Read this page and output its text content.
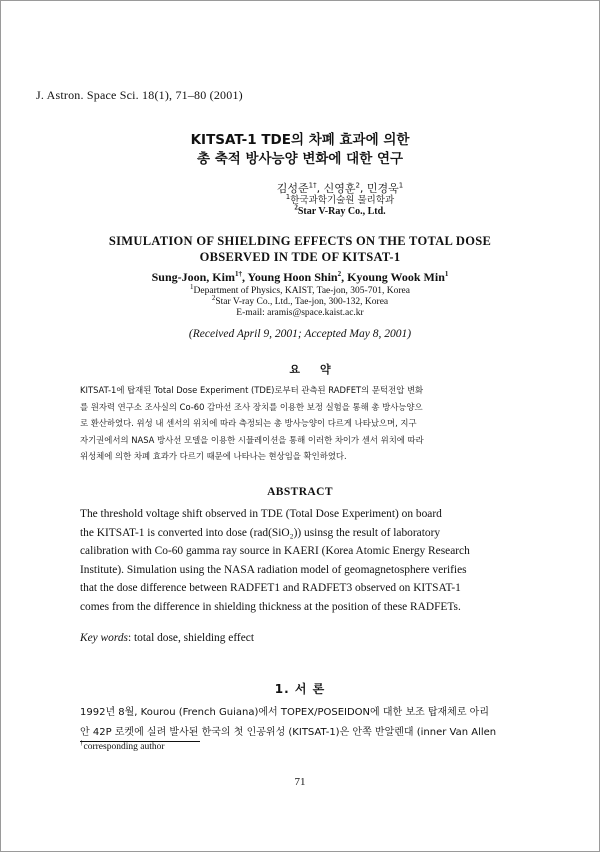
J. Astron. Space Sci. 18(1), 71–80 (2001)
KITSAT-1 TDE의 차폐 효과에 의한
총 축적 방사능양 변화에 대한 연구
김성준$^{1\dagger}$, 신영훈$^2$, 민경욱$^1$
$^1$한국과학기술원 물리학과
$^2$Star V-Ray Co., Ltd.
SIMULATION OF SHIELDING EFFECTS ON THE TOTAL DOSE
OBSERVED IN TDE OF KITSAT-1
Sung-Joon, Kim$^{1\dagger}$, Young Hoon Shin$^2$, Kyoung Wook Min$^1$
$^1$Department of Physics, KAIST, Tae-jon, 305-701, Korea
$^2$Star V-ray Co., Ltd., Tae-jon, 300-132, Korea
E-mail: aramis@space.kaist.ac.kr
(Received April 9, 2001; Accepted May 8, 2001)
요약
KITSAT-1에 탑재된 Total Dose Experiment (TDE)로부터 관측된 RADFET의 문턱전압 변화
를 원자력 연구소 조사실의 Co-60 감마선 조사 장치를 이용한 보정 실험을 통해 총 방사능양으
로 환산하였다. 위성 내 센서의 위치에 따라 측정되는 총 방사능양이 다르게 나타났으며, 지구
자기권에서의 NASA 방사선 모델을 이용한 시뮬레이션을 통해 이러한 차이가 센서 위치에 따라
위성체에 의한 차폐 효과가 다르기 때문에 나타나는 현상임을 확인하였다.
ABSTRACT
The threshold voltage shift observed in TDE (Total Dose Experiment) on board
the KITSAT-1 is converted into dose (rad(SiO₂)) usinsg the result of laboratory
calibration with Co-60 gamma ray source in KAERI (Korea Atomic Energy Research
Institute). Simulation using the NASA radiation model of geomagnetosphere verifies
that the dose difference between RADFET1 and RADFET3 observed on KITSAT-1
comes from the difference in shielding thickness at the position of these RADFETs.
Key words: total dose, shielding effect
1. 서 론
1992년 8월, Kourou (French Guiana)에서 TOPEX/POSEIDON에 대한 보조 탑재체로 아리
안 42P 로켓에 실려 발사된 한국의 첫 인공위성 (KITSAT-1)은 안쪽 반알렌대 (inner Van Allen
†corresponding author
71
